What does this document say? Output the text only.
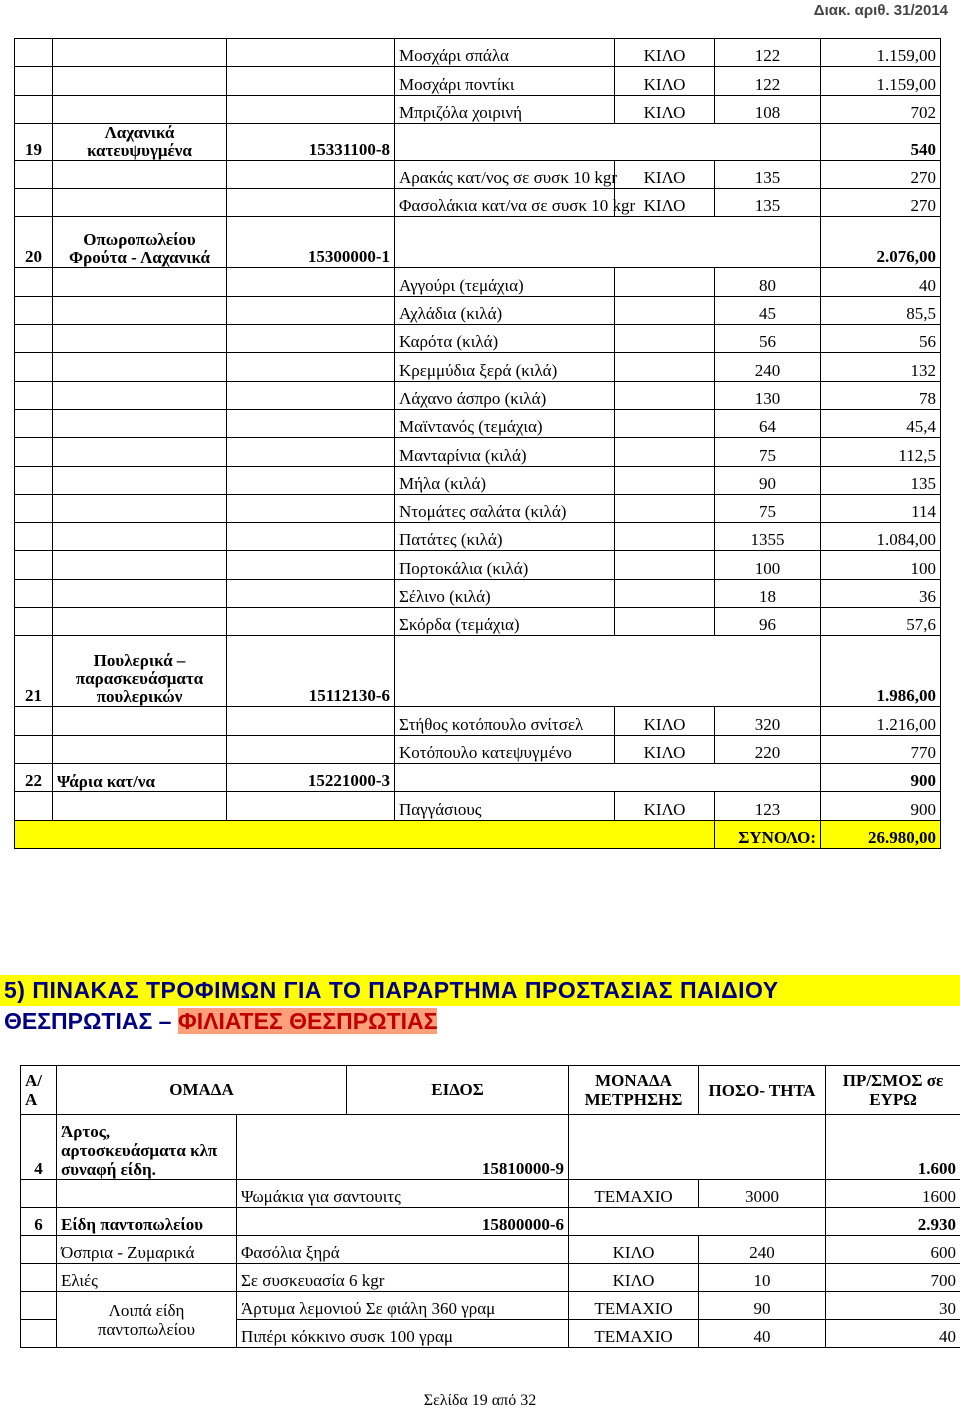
Διακ. αριθ. 31/2014
			Μοσχάρι σπάλα	ΚΙΛΟ	122	1.159,00
			Μοσχάρι ποντίκι	ΚΙΛΟ	122	1.159,00
			Μπριζόλα χοιρινή	ΚΙΛΟ	108	702
19	Λαχανικά κατευψυγμένα	15331100-8				540
			Αρακάς κατ/νος σε συσκ 10 kgr	ΚΙΛΟ	135	270
			Φασολάκια κατ/να σε συσκ 10 kgr	ΚΙΛΟ	135	270
20	Οπωροπωλείου Φρούτα - Λαχανικά	15300000-1				2.076,00
			Αγγούρι (τεμάχια)		80	40
			Αχλάδια (κιλά)		45	85,5
			Καρότα (κιλά)		56	56
			Κρεμμύδια ξερά (κιλά)		240	132
			Λάχανο άσπρο (κιλά)		130	78
			Μαϊντανός (τεμάχια)		64	45,4
			Μανταρίνια (κιλά)		75	112,5
			Μήλα (κιλά)		90	135
			Ντομάτες σαλάτα (κιλά)		75	114
			Πατάτες (κιλά)		1355	1.084,00
			Πορτοκάλια (κιλά)		100	100
			Σέλινο (κιλά)		18	36
			Σκόρδα (τεμάχια)		96	57,6
21	Πουλερικά – παρασκευάσματα πουλερικών	15112130-6				1.986,00
			Στήθος κοτόπουλο σνίτσελ	ΚΙΛΟ	320	1.216,00
			Κοτόπουλο κατεψυγμένο	ΚΙΛΟ	220	770
22	Ψάρια κατ/να	15221000-3				900
			Παγγάσιους	ΚΙΛΟ	123	900
					ΣΥΝΟΛΟ:	26.980,00
5) ΠΙΝΑΚΑΣ ΤΡΟΦΙΜΩΝ ΓΙΑ ΤΟ ΠΑΡΑΡΤΗΜΑ ΠΡΟΣΤΑΣΙΑΣ ΠΑΙΔΙΟΥ
ΘΕΣΠΡΩΤΙΑΣ – ΦΙΛΙΑΤΕΣ ΘΕΣΠΡΩΤΙΑΣ
Α/ Α	ΟΜΑΔΑ		ΕΙΔΟΣ	ΜΟΝΑΔΑ ΜΕΤΡΗΣΗΣ	ΠΟΣΟ- ΤΗΤΑ	ΠΡ/ΣΜΟΣ σε ΕΥΡΩ
4	Άρτος, αρτοσκευάσματα κλπ συναφή είδη.	15810000-9				1.600
		Ψωμάκια για σαντουιτς		ΤΕΜΑΧΙΟ	3000	1600
6	Είδη παντοπωλείου	15800000-6				2.930
	Όσπρια - Ζυμαρικά	Φασόλια ξηρά		ΚΙΛΟ	240	600
	Ελιές	Σε συσκευασία 6 kgr		ΚΙΛΟ	10	700
	Λοιπά είδη παντοπωλείου	Άρτυμα λεμονιού Σε φιάλη 360 γραμ		ΤΕΜΑΧΙΟ	90	30
		Πιπέρι κόκκινο συσκ 100 γραμ		ΤΕΜΑΧΙΟ	40	40
Σελίδα 19 από 32
